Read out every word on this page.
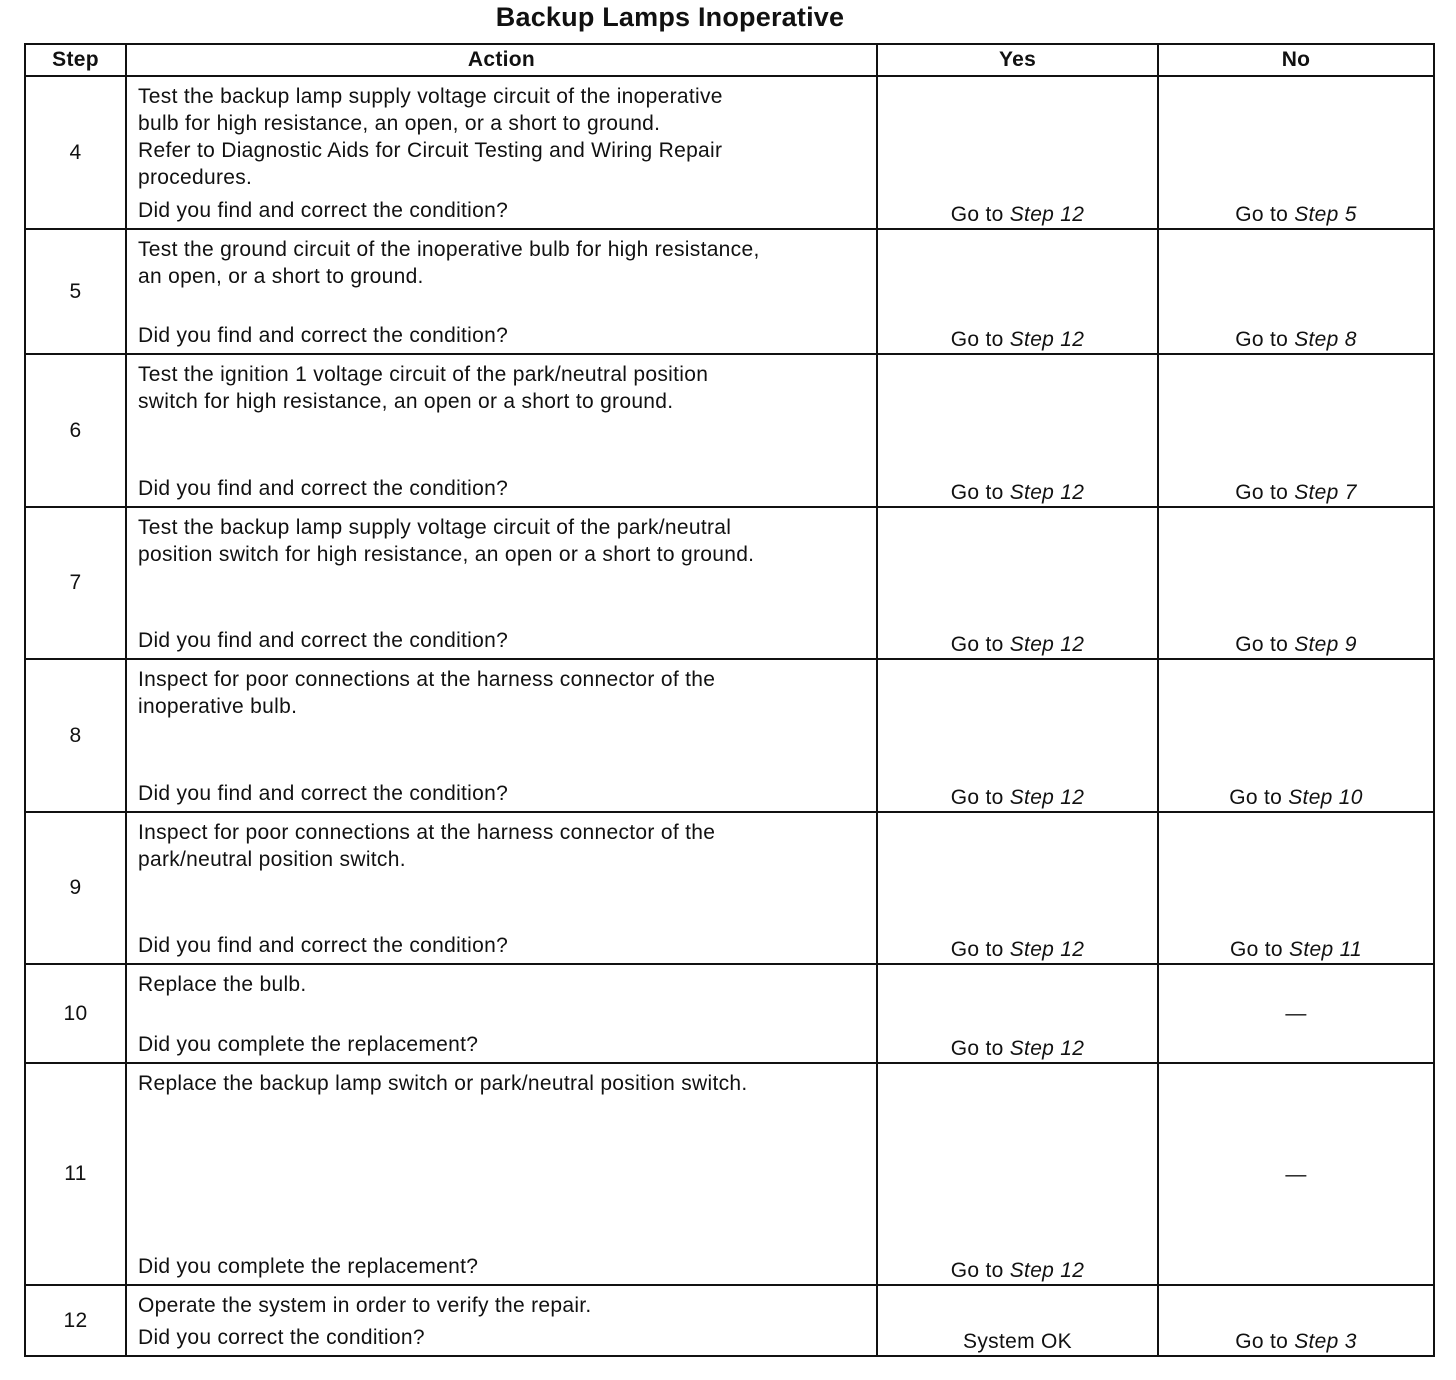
Backup Lamps Inoperative
Step	Action	Yes	No
4	Test the backup lamp supply voltage circuit of the inoperative
bulb for high resistance, an open, or a short to ground.
Refer to Diagnostic Aids for Circuit Testing and Wiring Repair
procedures.
Did you find and correct the condition?	Go to Step 12	Go to Step 5
5	Test the ground circuit of the inoperative bulb for high resistance,
an open, or a short to ground.
Did you find and correct the condition?	Go to Step 12	Go to Step 8
6	Test the ignition 1 voltage circuit of the park/neutral position
switch for high resistance, an open or a short to ground.
Did you find and correct the condition?	Go to Step 12	Go to Step 7
7	Test the backup lamp supply voltage circuit of the park/neutral
position switch for high resistance, an open or a short to ground.
Did you find and correct the condition?	Go to Step 12	Go to Step 9
8	Inspect for poor connections at the harness connector of the
inoperative bulb.
Did you find and correct the condition?	Go to Step 12	Go to Step 10
9	Inspect for poor connections at the harness connector of the
park/neutral position switch.
Did you find and correct the condition?	Go to Step 12	Go to Step 11
10	Replace the bulb.
Did you complete the replacement?	Go to Step 12	—
11	Replace the backup lamp switch or park/neutral position switch.
Did you complete the replacement?	Go to Step 12	—
12	Operate the system in order to verify the repair.
Did you correct the condition?	System OK	Go to Step 3
